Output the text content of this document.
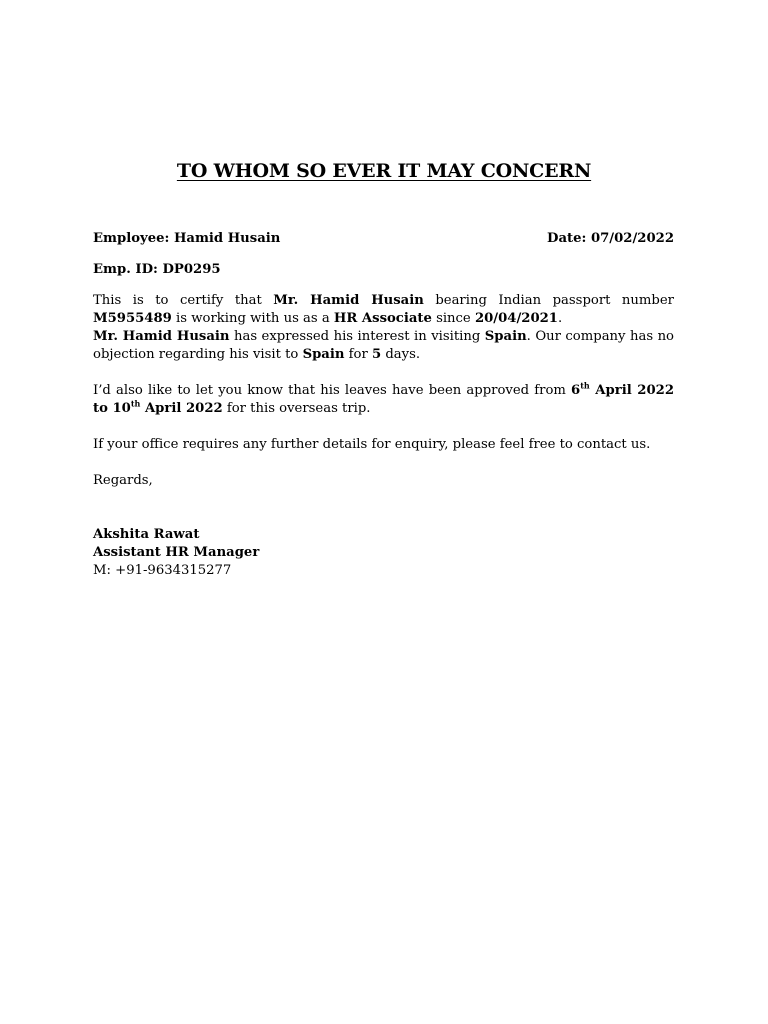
TO WHOM SO EVER IT MAY CONCERN
Employee: Hamid Husain	Date: 07/02/2022
Emp. ID: DP0295

This is to certify that Mr. Hamid Husain bearing Indian passport number M5955489 is working with us as a HR Associate since 20/04/2021.

Mr. Hamid Husain has expressed his interest in visiting Spain. Our company has no objection regarding his visit to Spain for 5 days.

I’d also like to let you know that his leaves have been approved from 6th April 2022 to 10th April 2022 for this overseas trip.

If your office requires any further details for enquiry, please feel free to contact us.
Regards,
Akshita Rawat
Assistant HR Manager
M: +91-9634315277
